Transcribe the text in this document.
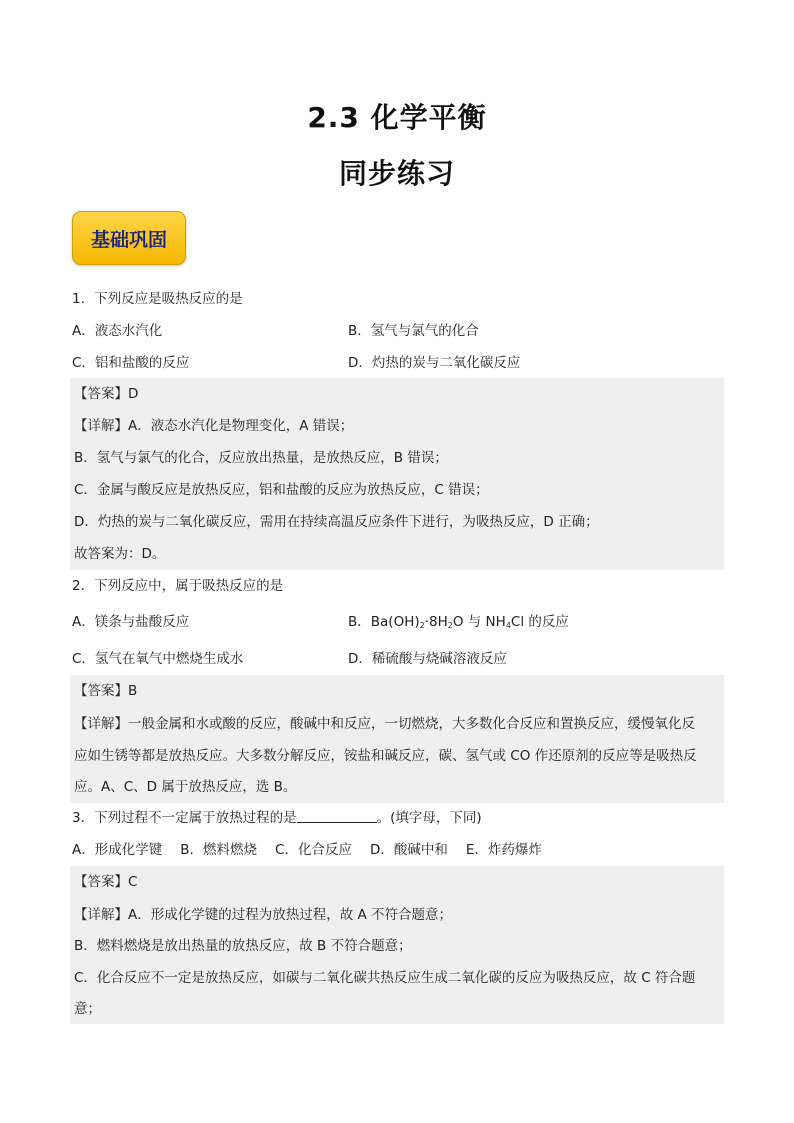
2.3 化学平衡
同步练习
基础巩固
1．下列反应是吸热反应的是
A．液态水汽化	B．氢气与氯气的化合
C．铝和盐酸的反应	D．灼热的炭与二氧化碳反应
【答案】D
【详解】A．液态水汽化是物理变化，A 错误；
B．氢气与氯气的化合，反应放出热量，是放热反应，B 错误；
C．金属与酸反应是放热反应，铝和盐酸的反应为放热反应，C 错误；
D．灼热的炭与二氧化碳反应，需用在持续高温反应条件下进行，为吸热反应，D 正确；
故答案为：D。
2．下列反应中，属于吸热反应的是
A．镁条与盐酸反应	B．$Ba(OH)_2\cdot 8H_2O$ 与 $NH_4Cl$ 的反应
C．氢气在氧气中燃烧生成水	D．稀硫酸与烧碱溶液反应
【答案】B
【详解】一般金属和水或酸的反应，酸碱中和反应，一切燃烧，大多数化合反应和置换反应，缓慢氧化反
应如生锈等都是放热反应。大多数分解反应，铵盐和碱反应，碳、氢气或 CO 作还原剂的反应等是吸热反
应。A、C、D 属于放热反应，选 B。
3．下列过程不一定属于放热过程的是	。(填字母，下同)
A．形成化学键 B．燃料燃烧 C．化合反应 D．酸碱中和 E．炸药爆炸
【答案】C
【详解】A．形成化学键的过程为放热过程，故 A 不符合题意；
B．燃料燃烧是放出热量的放热反应，故 B 不符合题意；
C．化合反应不一定是放热反应，如碳与二氧化碳共热反应生成二氧化碳的反应为吸热反应，故 C 符合题
意；
